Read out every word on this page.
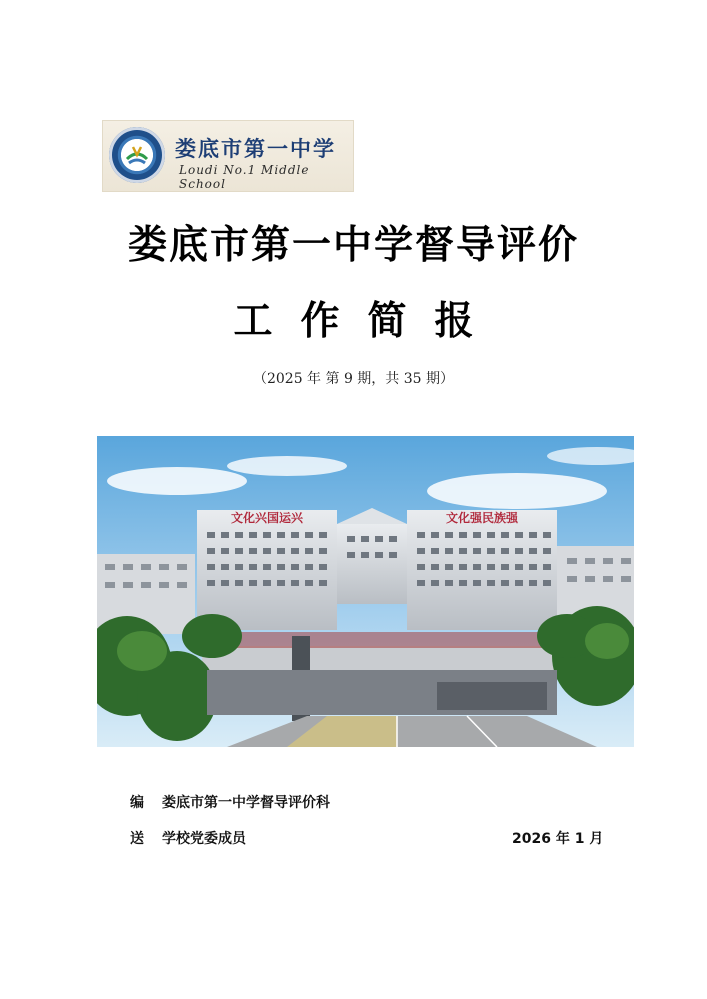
娄底市第一中学
Loudi No.1 Middle School
娄底市第一中学督导评价
工作简报
（2025 年 第 9 期，共 35 期）
文化兴国运兴	文化强民族强
编 娄底市第一中学督导评价科
送 学校党委成员	2026 年 1 月
